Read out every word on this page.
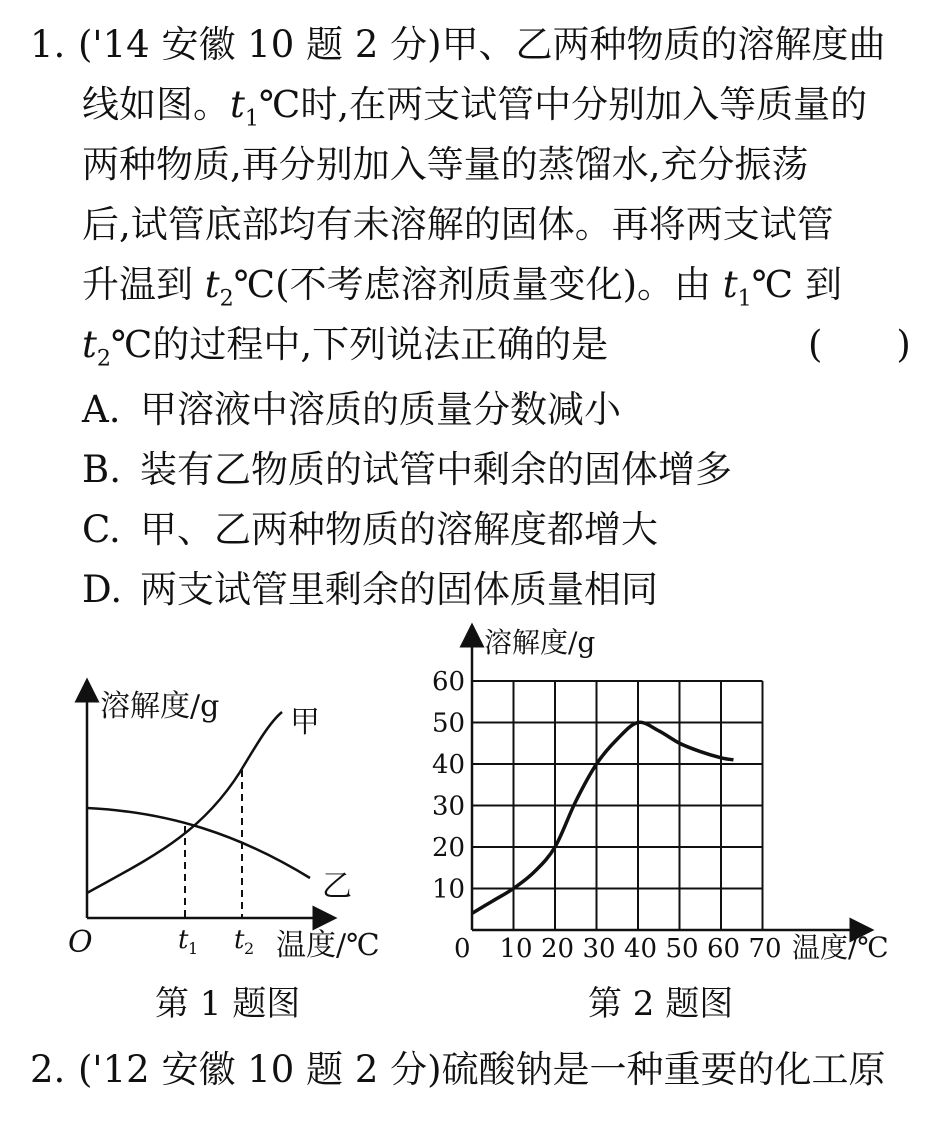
1. ('14 安徽 10 题 2 分)甲、乙两种物质的溶解度曲
线如图。$t_1℃$时,在两支试管中分别加入等质量的
两种物质,再分别加入等量的蒸馏水,充分振荡
后,试管底部均有未溶解的固体。再将两支试管
升温到 $t_2℃$(不考虑溶剂质量变化)。由 $t_1℃$ 到
$t_2℃$的过程中,下列说法正确的是	(　　)
A. 甲溶液中溶质的质量分数减小
B. 装有乙物质的试管中剩余的固体增多
C. 甲、乙两种物质的溶解度都增大
D. 两支试管里剩余的固体质量相同
溶解度/g 甲
乙
O	t 1 t 2 温度/℃
第 1 题图
0 10 20 30 40 50 60 70
10
20
30
40
50
60
溶解度/g
温度/℃
第 2 题图
2. ('12 安徽 10 题 2 分)硫酸钠是一种重要的化工原
